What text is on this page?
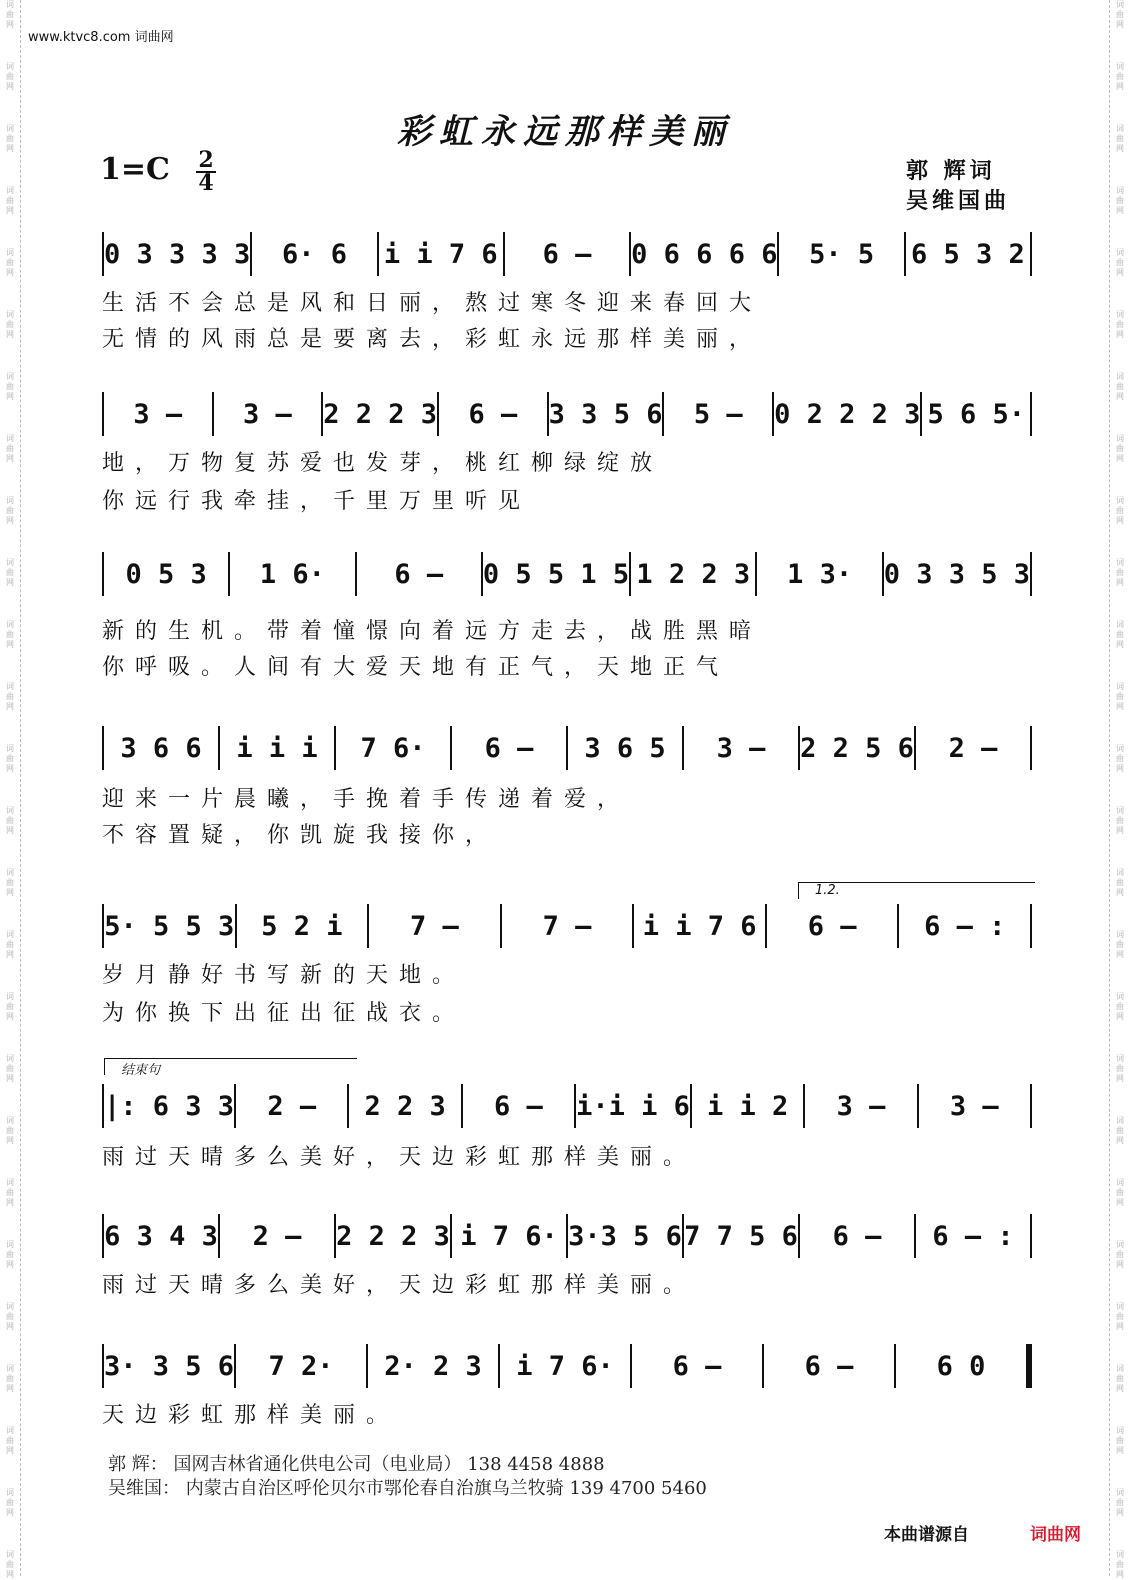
词
曲
网
词
曲
网
词
曲
网
词
曲
网
词
曲
网
词
曲
网
词
曲
网
词
曲
网
词
曲
网
词
曲
网
词
曲
网
词
曲
网
词
曲
网
词
曲
网
词
曲
网
词
曲
网
词
曲
网
词
曲
网
词
曲
网
词
曲
网
词
曲
网
词
曲
网
词
曲
网
词
曲
网
词
曲
网
词
曲
网
词
曲
网
词
曲
网
词
曲
网
词
曲
网
词
曲
网
词
曲
网
词
曲
网
词
曲
网
词
曲
网
词
曲
网
词
曲
网
词
曲
网
词
曲
网
词
曲
网
词
曲
网
词
曲
网
词
曲
网
词
曲
网
词
曲
网
词
曲
网
词
曲
网
词
曲
网
词
曲
网
词
曲
网
词
曲
网
词
曲
网
www.ktvc8.com 词曲网
彩虹永远那样美丽
1=C 2
4	郭 辉词
吴维国曲
0 3 3 3 3	6· 6	i i 7 6	6 –	0 6 6 6 6	5· 5	6 5 3 2
生活不会总是风和日丽，熬过寒冬迎来春回大
无情的风雨总是要离去，彩虹永远那样美丽，
3 –	3 –	2 2 2 3	6 –	3 3 5 6	5 –	0 2 2 2 3 5 6 5·
地，万物复苏爱也发芽，桃红柳绿绽放
你远行我牵挂，千里万里听见
0 5 3	1 6·	6 –	0 5 5 1 5 1 2 2 3	1 3·	0 3 3 5 3
新的生机。带着憧憬向着远方走去，战胜黑暗
你呼吸。人间有大爱天地有正气，天地正气
3 6 6	i i i	7 6·	6 –	3 6 5	3 –	2 2 5 6	2 –
迎来一片晨曦，手挽着手传递着爱，
不容置疑，你凯旋我接你，
1.2.
5· 5 5 3 5 2 i	7 –	7 –	i i 7 6	6 –	6 – :
岁月静好书写新的天地。
为你换下出征出征战衣。
结束句
|: 6 3 3	2 –	2 2 3	6 –	i·i i 6 i i 2	3 –	3 –
雨过天晴多么美好，天边彩虹那样美丽。
6 3 4 3	2 –	2 2 2 3 i 7 6· 3·3 5 6 7 7 5 6	6 –	6 – :
雨过天晴多么美好，天边彩虹那样美丽。
3· 3 5 6	7 2·	2· 2 3	i 7 6·	6 –	6 –	6 0
天边彩虹那样美丽。
郭 辉： 国网吉林省通化供电公司（电业局） 138 4458 4888
吴维国： 内蒙古自治区呼伦贝尔市鄂伦春自治旗乌兰牧骑 139 4700 5460
本曲谱源自	词曲网
